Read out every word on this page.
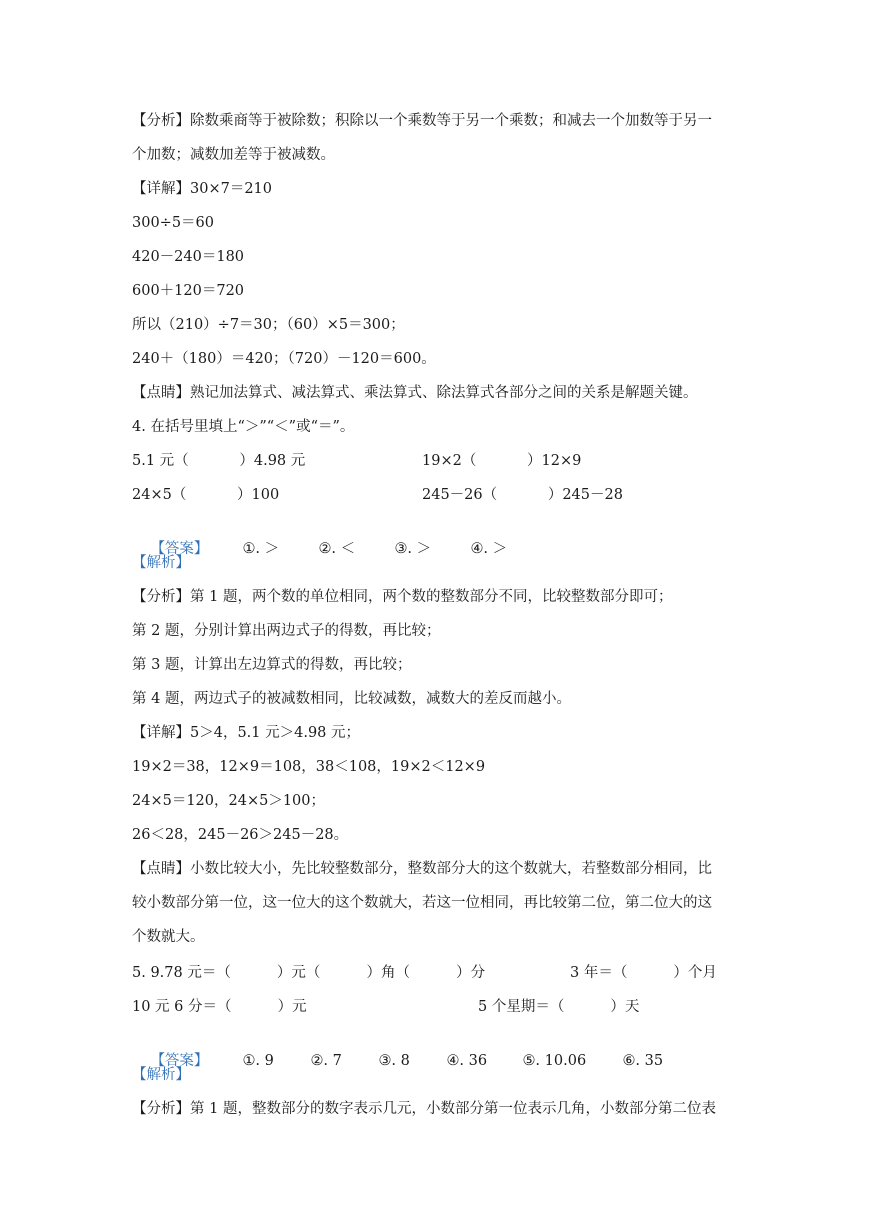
【分析】除数乘商等于被除数；积除以一个乘数等于另一个乘数；和减去一个加数等于另一
个加数；减数加差等于被减数。
【详解】30×7＝210
300÷5＝60
420－240＝180
600＋120＝720
所以（210）÷7＝30；（60）×5＝300；
240＋（180）＝420；（720）－120＝600。
【点睛】熟记加法算式、减法算式、乘法算式、除法算式各部分之间的关系是解题关键。
4. 在括号里填上“＞”“＜”或“＝”。
5.1 元（           ）4.98 元	19×2（           ）12×9
24×5（           ）100	245－26（           ）245－28

【答案】 ①. ＞	②. ＜	③. ＞	④. ＞

【解析】
【分析】第 1 题，两个数的单位相同，两个数的整数部分不同，比较整数部分即可；
第 2 题，分别计算出两边式子的得数，再比较；
第 3 题，计算出左边算式的得数，再比较；
第 4 题，两边式子的被减数相同，比较减数，减数大的差反而越小。
【详解】5＞4，5.1 元＞4.98 元；
19×2＝38，12×9＝108，38＜108，19×2＜12×9
24×5＝120，24×5＞100；
26＜28，245－26＞245－28。
【点睛】小数比较大小，先比较整数部分，整数部分大的这个数就大，若整数部分相同，比
较小数部分第一位，这一位大的这个数就大，若这一位相同，再比较第二位，第二位大的这
个数就大。
5. 9.78 元＝（          ）元（          ）角（          ）分	3 年＝（          ）个月
10 元 6 分＝（          ）元	5 个星期＝（          ）天

【答案】 ①. 9	②. 7	③. 8	④. 36 ⑤. 10.06	⑥. 35

【解析】
【分析】第 1 题，整数部分的数字表示几元，小数部分第一位表示几角，小数部分第二位表
